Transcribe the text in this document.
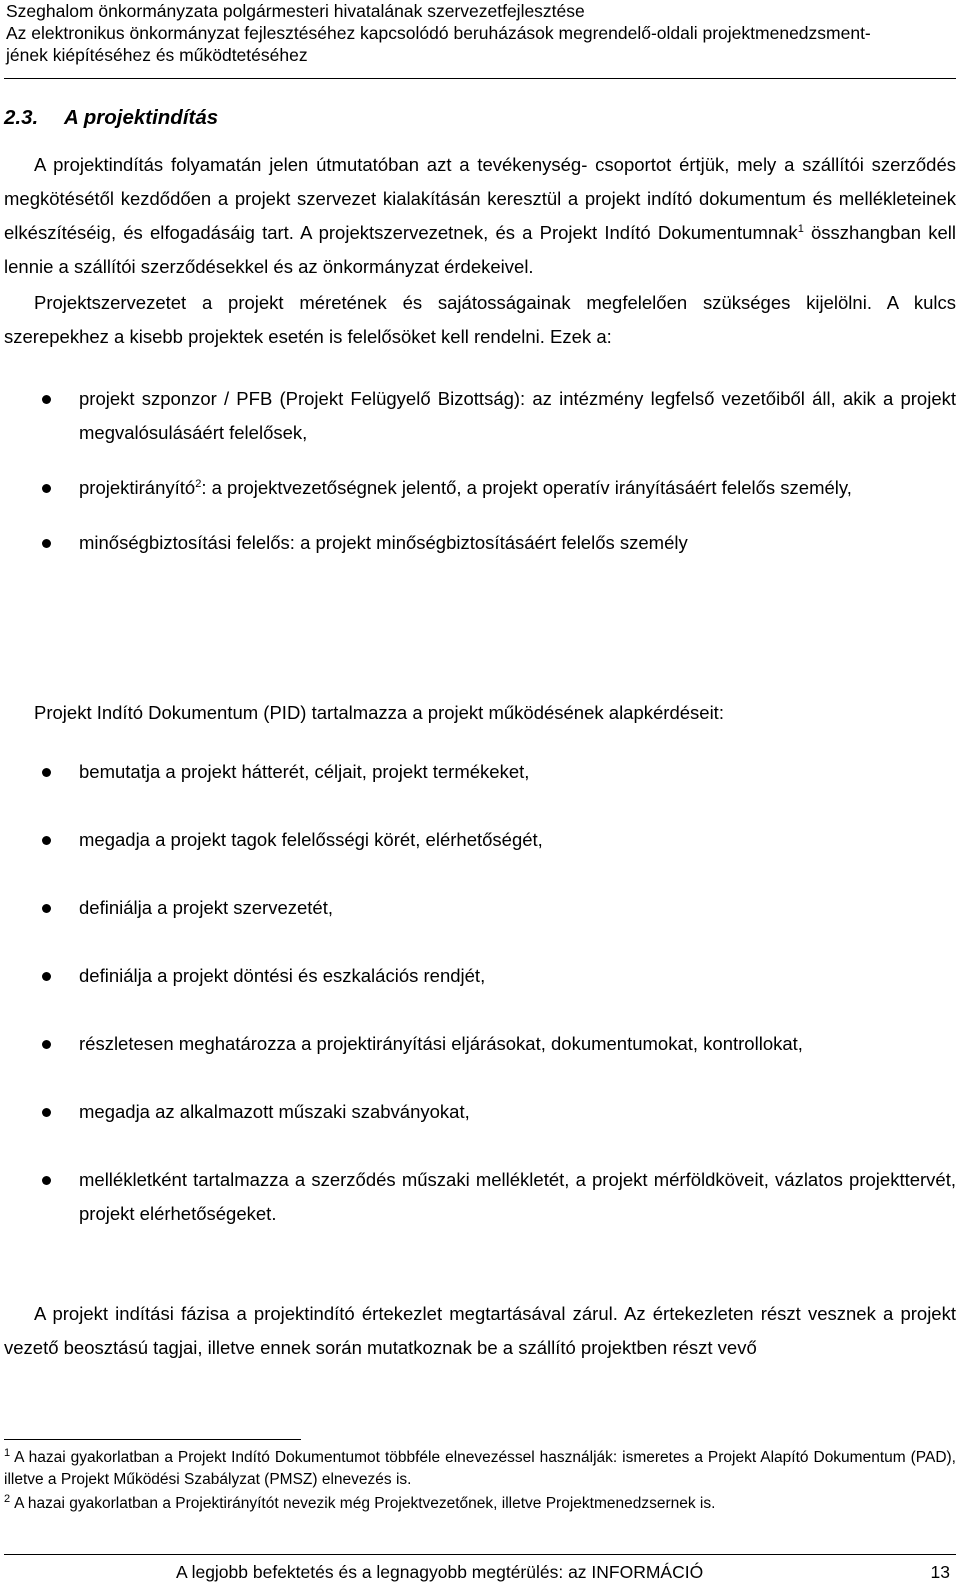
Szeghalom önkormányzata polgármesteri hivatalának szervezetfejlesztése
Az elektronikus önkormányzat fejlesztéséhez kapcsolódó beruházások megrendelő-oldali projektmenedzsment-
jének kiépítéséhez és működtetéséhez
2.3. A projektindítás
A projektindítás folyamatán jelen útmutatóban azt a tevékenység- csoportot értjük, mely a szállítói szerződés megkötésétől kezdődően a projekt szervezet kialakításán keresztül a projekt indító dokumentum és mellékleteinek elkészítéséig, és elfogadásáig tart. A projektszervezetnek, és a Projekt Indító Dokumentumnak$^1$ összhangban kell lennie a szállítói szerződésekkel és az önkormányzat érdekeivel.
Projektszervezetet a projekt méretének és sajátosságainak megfelelően szükséges kijelölni. A kulcs szerepekhez a kisebb projektek esetén is felelősöket kell rendelni. Ezek a:
projekt szponzor / PFB (Projekt Felügyelő Bizottság): az intézmény legfelső vezetőiből áll, akik a projekt megvalósulásáért felelősek,
projektirányító$^2$: a projektvezetőségnek jelentő, a projekt operatív irányításáért felelős személy,
minőségbiztosítási felelős: a projekt minőségbiztosításáért felelős személy
Projekt Indító Dokumentum (PID) tartalmazza a projekt működésének alapkérdéseit:
bemutatja a projekt hátterét, céljait, projekt termékeket,
megadja a projekt tagok felelősségi körét, elérhetőségét,
definiálja a projekt szervezetét,
definiálja a projekt döntési és eszkalációs rendjét,
részletesen meghatározza a projektirányítási eljárásokat, dokumentumokat, kontrollokat,
megadja az alkalmazott műszaki szabványokat,
mellékletként tartalmazza a szerződés műszaki mellékletét, a projekt mérföldköveit, vázlatos projekttervét, projekt elérhetőségeket.
A projekt indítási fázisa a projektindító értekezlet megtartásával zárul. Az értekezleten részt vesznek a projekt vezető beosztású tagjai, illetve ennek során mutatkoznak be a szállító projektben részt vevő
$^1$ A hazai gyakorlatban a Projekt Indító Dokumentumot többféle elnevezéssel használják: ismeretes a Projekt Alapító Dokumentum (PAD), illetve a Projekt Működési Szabályzat (PMSZ) elnevezés is.
$^2$ A hazai gyakorlatban a Projektirányítót nevezik még Projektvezetőnek, illetve Projektmenedzsernek is.
A legjobb befektetés és a legnagyobb megtérülés: az INFORMÁCIÓ	13
